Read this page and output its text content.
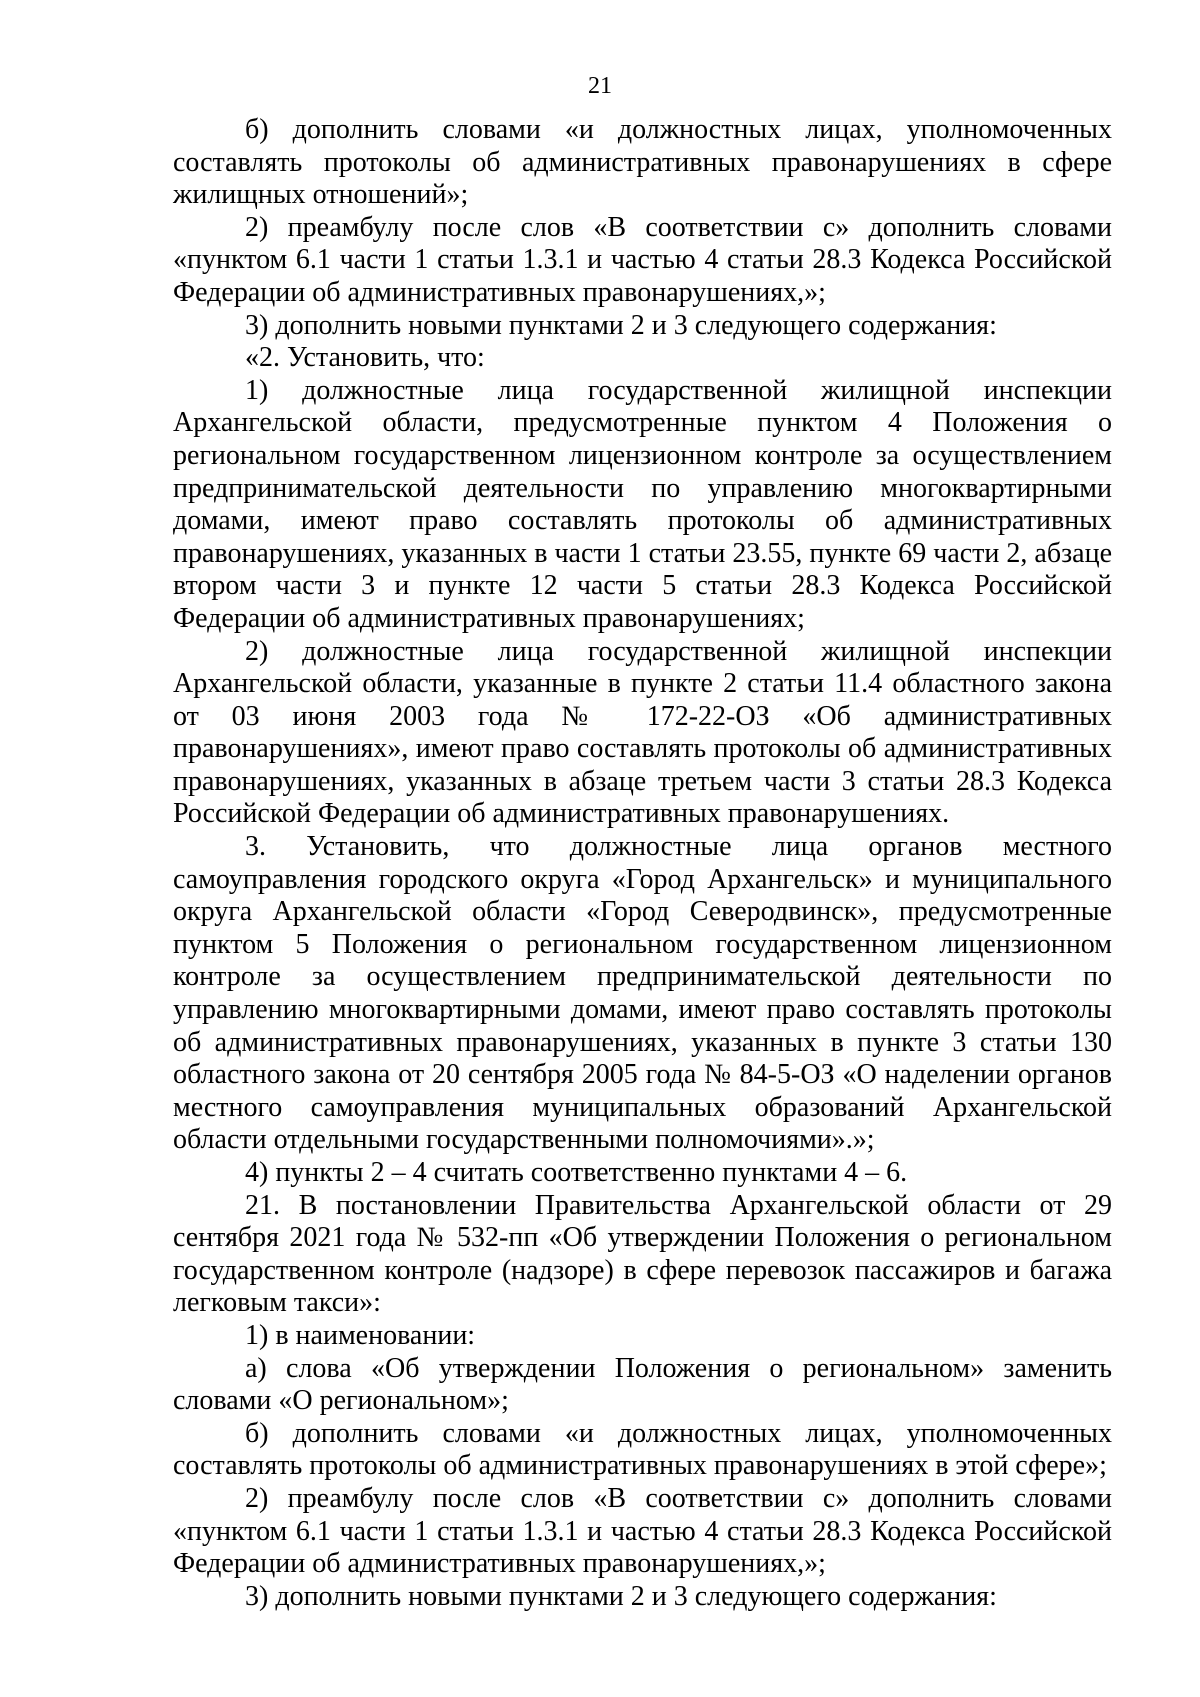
21

б) дополнить словами «и должностных лицах, уполномоченных составлять протоколы об административных правонарушениях в сфере жилищных отношений»;

2) преамбулу после слов «В соответствии с» дополнить словами «пунктом 6.1 части 1 статьи 1.3.1 и частью 4 статьи 28.3 Кодекса Российской Федерации об административных правонарушениях,»;

3) дополнить новыми пунктами 2 и 3 следующего содержания:

«2. Установить, что:

1) должностные лица государственной жилищной инспекции Архангельской области, предусмотренные пунктом 4 Положения о региональном государственном лицензионном контроле за осуществлением предпринимательской деятельности по управлению многоквартирными домами, имеют право составлять протоколы об административных правонарушениях, указанных в части 1 статьи 23.55, пункте 69 части 2, абзаце втором части 3 и пункте 12 части 5 статьи 28.3 Кодекса Российской Федерации об административных правонарушениях;

2) должностные лица государственной жилищной инспекции Архангельской области, указанные в пункте 2 статьи 11.4 областного закона от 03 июня 2003 года № 172-22-ОЗ «Об административных правонарушениях», имеют право составлять протоколы об административных правонарушениях, указанных в абзаце третьем части 3 статьи 28.3 Кодекса Российской Федерации об административных правонарушениях.

3. Установить, что должностные лица органов местного самоуправления городского округа «Город Архангельск» и муниципального округа Архангельской области «Город Северодвинск», предусмотренные пунктом 5 Положения о региональном государственном лицензионном контроле за осуществлением предпринимательской деятельности по управлению многоквартирными домами, имеют право составлять протоколы об административных правонарушениях, указанных в пункте 3 статьи 130 областного закона от 20 сентября 2005 года № 84-5-ОЗ «О наделении органов местного самоуправления муниципальных образований Архангельской области отдельными государственными полномочиями».»;

4) пункты 2 – 4 считать соответственно пунктами 4 – 6.

21. В постановлении Правительства Архангельской области от 29 сентября 2021 года № 532-пп «Об утверждении Положения о региональном государственном контроле (надзоре) в сфере перевозок пассажиров и багажа легковым такси»:

1) в наименовании:

а) слова «Об утверждении Положения о региональном» заменить словами «О региональном»;

б) дополнить словами «и должностных лицах, уполномоченных составлять протоколы об административных правонарушениях в этой сфере»;

2) преамбулу после слов «В соответствии с» дополнить словами «пунктом 6.1 части 1 статьи 1.3.1 и частью 4 статьи 28.3 Кодекса Российской Федерации об административных правонарушениях,»;

3) дополнить новыми пунктами 2 и 3 следующего содержания:
